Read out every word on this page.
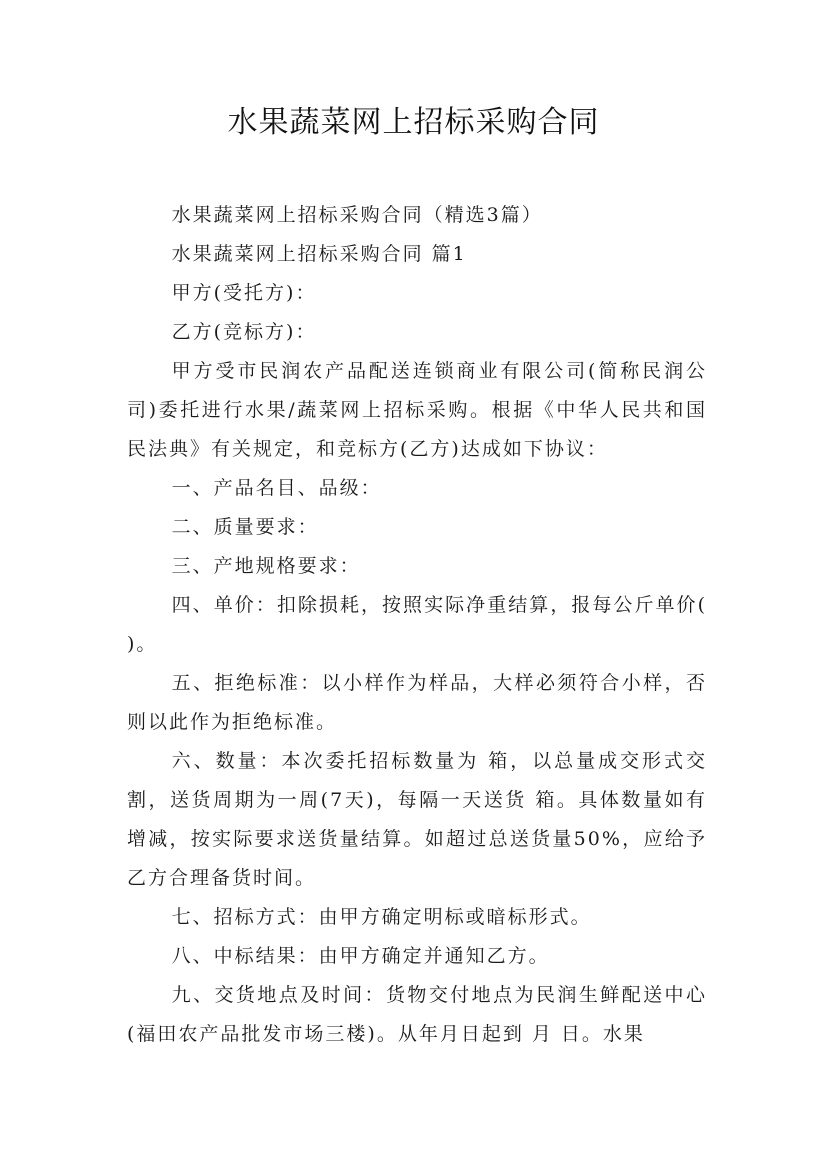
水果蔬菜网上招标采购合同

水果蔬菜网上招标采购合同（精选3篇）

水果蔬菜网上招标采购合同 篇1

甲方(受托方)：

乙方(竞标方)：

甲方受市民润农产品配送连锁商业有限公司(简称民润公司)委托进行水果/蔬菜网上招标采购。根据《中华人民共和国民法典》有关规定，和竞标方(乙方)达成如下协议：

一、产品名目、品级：

二、质量要求：

三、产地规格要求：

四、单价：扣除损耗，按照实际净重结算，报每公斤单价( )。

五、拒绝标准：以小样作为样品，大样必须符合小样，否则以此作为拒绝标准。

六、数量：本次委托招标数量为 箱，以总量成交形式交割，送货周期为一周(7天)，每隔一天送货 箱。具体数量如有增减，按实际要求送货量结算。如超过总送货量50%，应给予乙方合理备货时间。

七、招标方式：由甲方确定明标或暗标形式。

八、中标结果：由甲方确定并通知乙方。

九、交货地点及时间：货物交付地点为民润生鲜配送中心(福田农产品批发市场三楼)。从年月日起到 月 日。水果
